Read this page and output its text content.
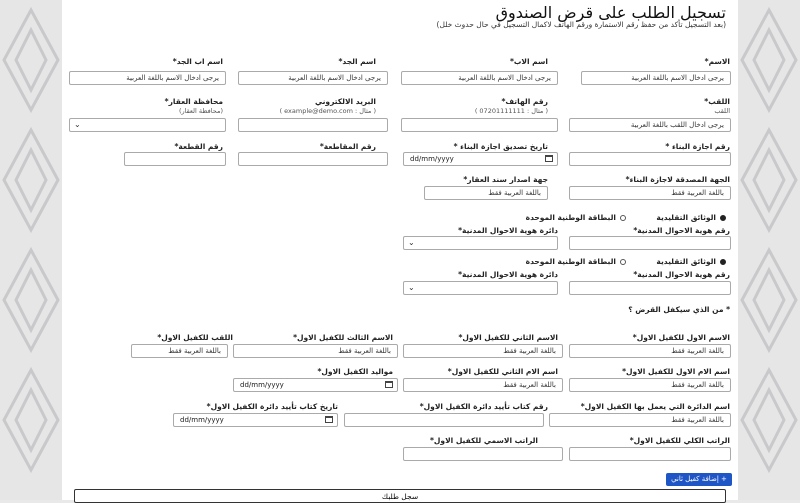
تسجيل الطلب على قرض الصندوق
(بعد التسجيل تأكد من حفظ رقم الاستمارة ورقم الهاتف لاكمال التسجيل في حال حدوث خلل)
الاسم*
اسم الاب*
اسم الجد*
اسم اب الجد*
يرجى ادخال الاسم باللغة العربية
يرجى ادخال الاسم باللغة العربية
يرجى ادخال الاسم باللغة العربية
يرجى ادخال الاسم باللغة العربية
اللقب*
اللقب
رقم الهاتف*
( مثال : 07201111111 )
البريد الالكتروني
( مثال : example@demo.com )
محافظة العقار*
(محافظة العقار)
يرجى ادخال اللقب باللغة العربية
⌄
رقم اجازة البناء *
تاريخ تصديق اجازة البناء *
رقم المقاطعة*
رقم القطعة*
dd/mm/yyyy
الجهة المصدقة لاجازة البناء*
جهة اصدار سند العقار*
باللغة العربية فقط
باللغة العربية فقط
الوثائق التقليدية
البطاقة الوطنية الموحدة
رقم هوية الاحوال المدنية*
دائرة هوية الاحوال المدنية*
⌄
الوثائق التقليدية
البطاقة الوطنية الموحدة
رقم هوية الاحوال المدنية*
دائرة هوية الاحوال المدنية*
⌄
* من الذي سيكفل القرض ؟
الاسم الاول للكفيل الاول*
الاسم الثاني للكفيل الاول*
الاسم الثالث للكفيل الاول*
اللقب للكفيل الاول*
باللغة العربية فقط
باللغة العربية فقط
باللغة العربية فقط
باللغة العربية فقط
اسم الام الاول للكفيل الاول*
اسم الام الثاني للكفيل الاول*
مواليد الكفيل الاول*
باللغة العربية فقط
باللغة العربية فقط
dd/mm/yyyy
اسم الدائرة التي يعمل بها الكفيل الاول*
رقم كتاب تأييد دائرة الكفيل الاول*
تاريخ كتاب تأييد دائرة الكفيل الاول*
باللغة العربية فقط
dd/mm/yyyy
الراتب الكلي للكفيل الاول*
الراتب الاسمي للكفيل الاول*
+ إضافة كفيل ثاني
سجل طلبك
